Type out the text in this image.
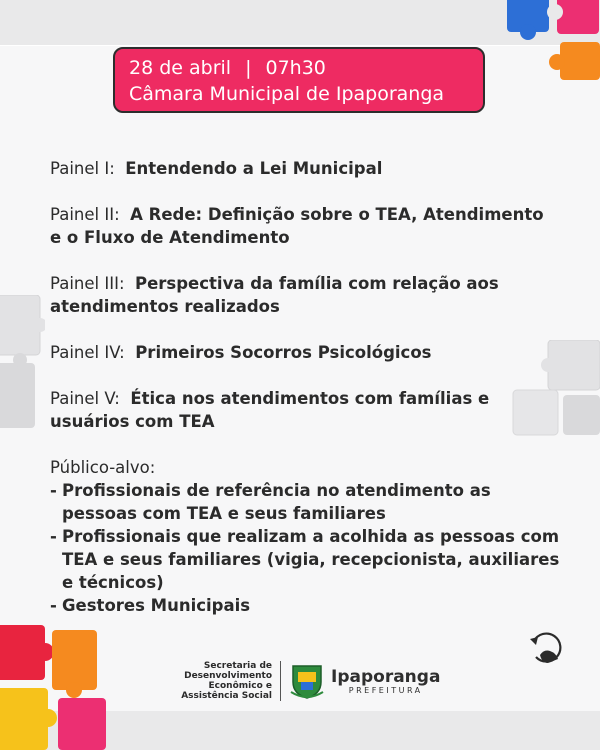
28 de abril | 07h30
Câmara Municipal de Ipaporanga
Painel I: Entendendo a Lei Municipal
Painel II: A Rede: Definição sobre o TEA, Atendimento e o Fluxo de Atendimento
Painel III: Perspectiva da família com relação aos atendimentos realizados
Painel IV: Primeiros Socorros Psicológicos
Painel V: Ética nos atendimentos com famílias e usuários com TEA
Público-alvo:
- Profissionais de referência no atendimento as pessoas com TEA e seus familiares
- Profissionais que realizam a acolhida as pessoas com TEA e seus familiares (vigia, recepcionista, auxiliares e técnicos)
- Gestores Municipais
Secretaria de Desenvolvimento Econômico e Assistência Social
Ipaporanga
PREFEITURA
